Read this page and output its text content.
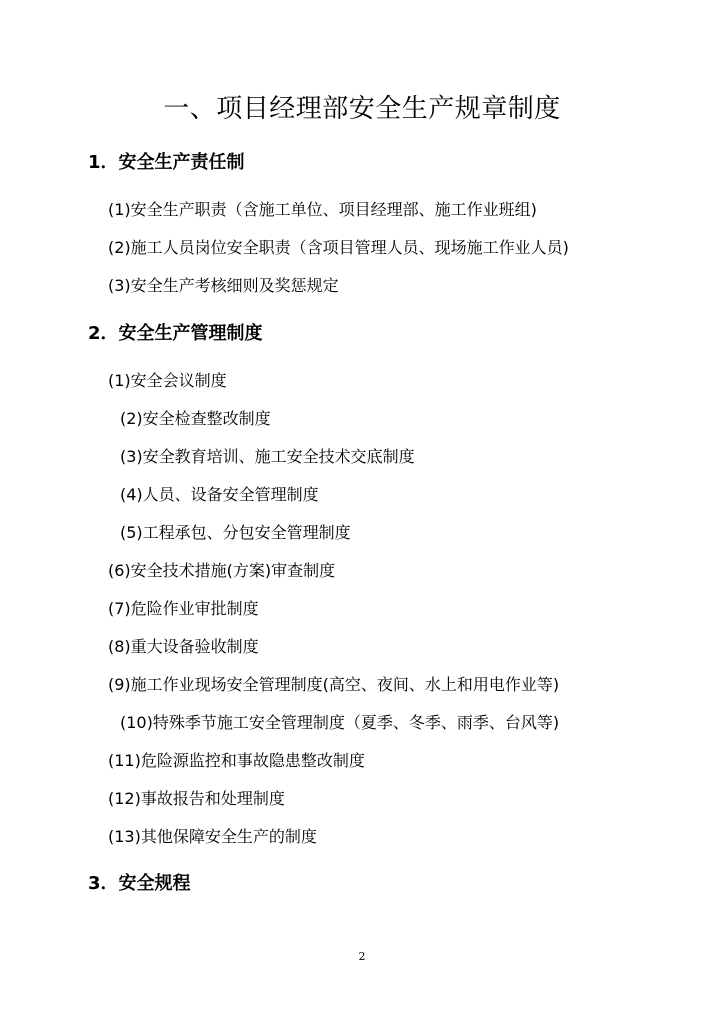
一、项目经理部安全生产规章制度
1．安全生产责任制
(1)安全生产职责（含施工单位、项目经理部、施工作业班组)
(2)施工人员岗位安全职责（含项目管理人员、现场施工作业人员)
(3)安全生产考核细则及奖惩规定
2．安全生产管理制度
(1)安全会议制度
(2)安全检查整改制度
(3)安全教育培训、施工安全技术交底制度
(4)人员、设备安全管理制度
(5)工程承包、分包安全管理制度
(6)安全技术措施(方案)审查制度
(7)危险作业审批制度
(8)重大设备验收制度
(9)施工作业现场安全管理制度(高空、夜间、水上和用电作业等)
(10)特殊季节施工安全管理制度（夏季、冬季、雨季、台风等)
(11)危险源监控和事故隐患整改制度
(12)事故报告和处理制度
(13)其他保障安全生产的制度
3．安全规程
2
